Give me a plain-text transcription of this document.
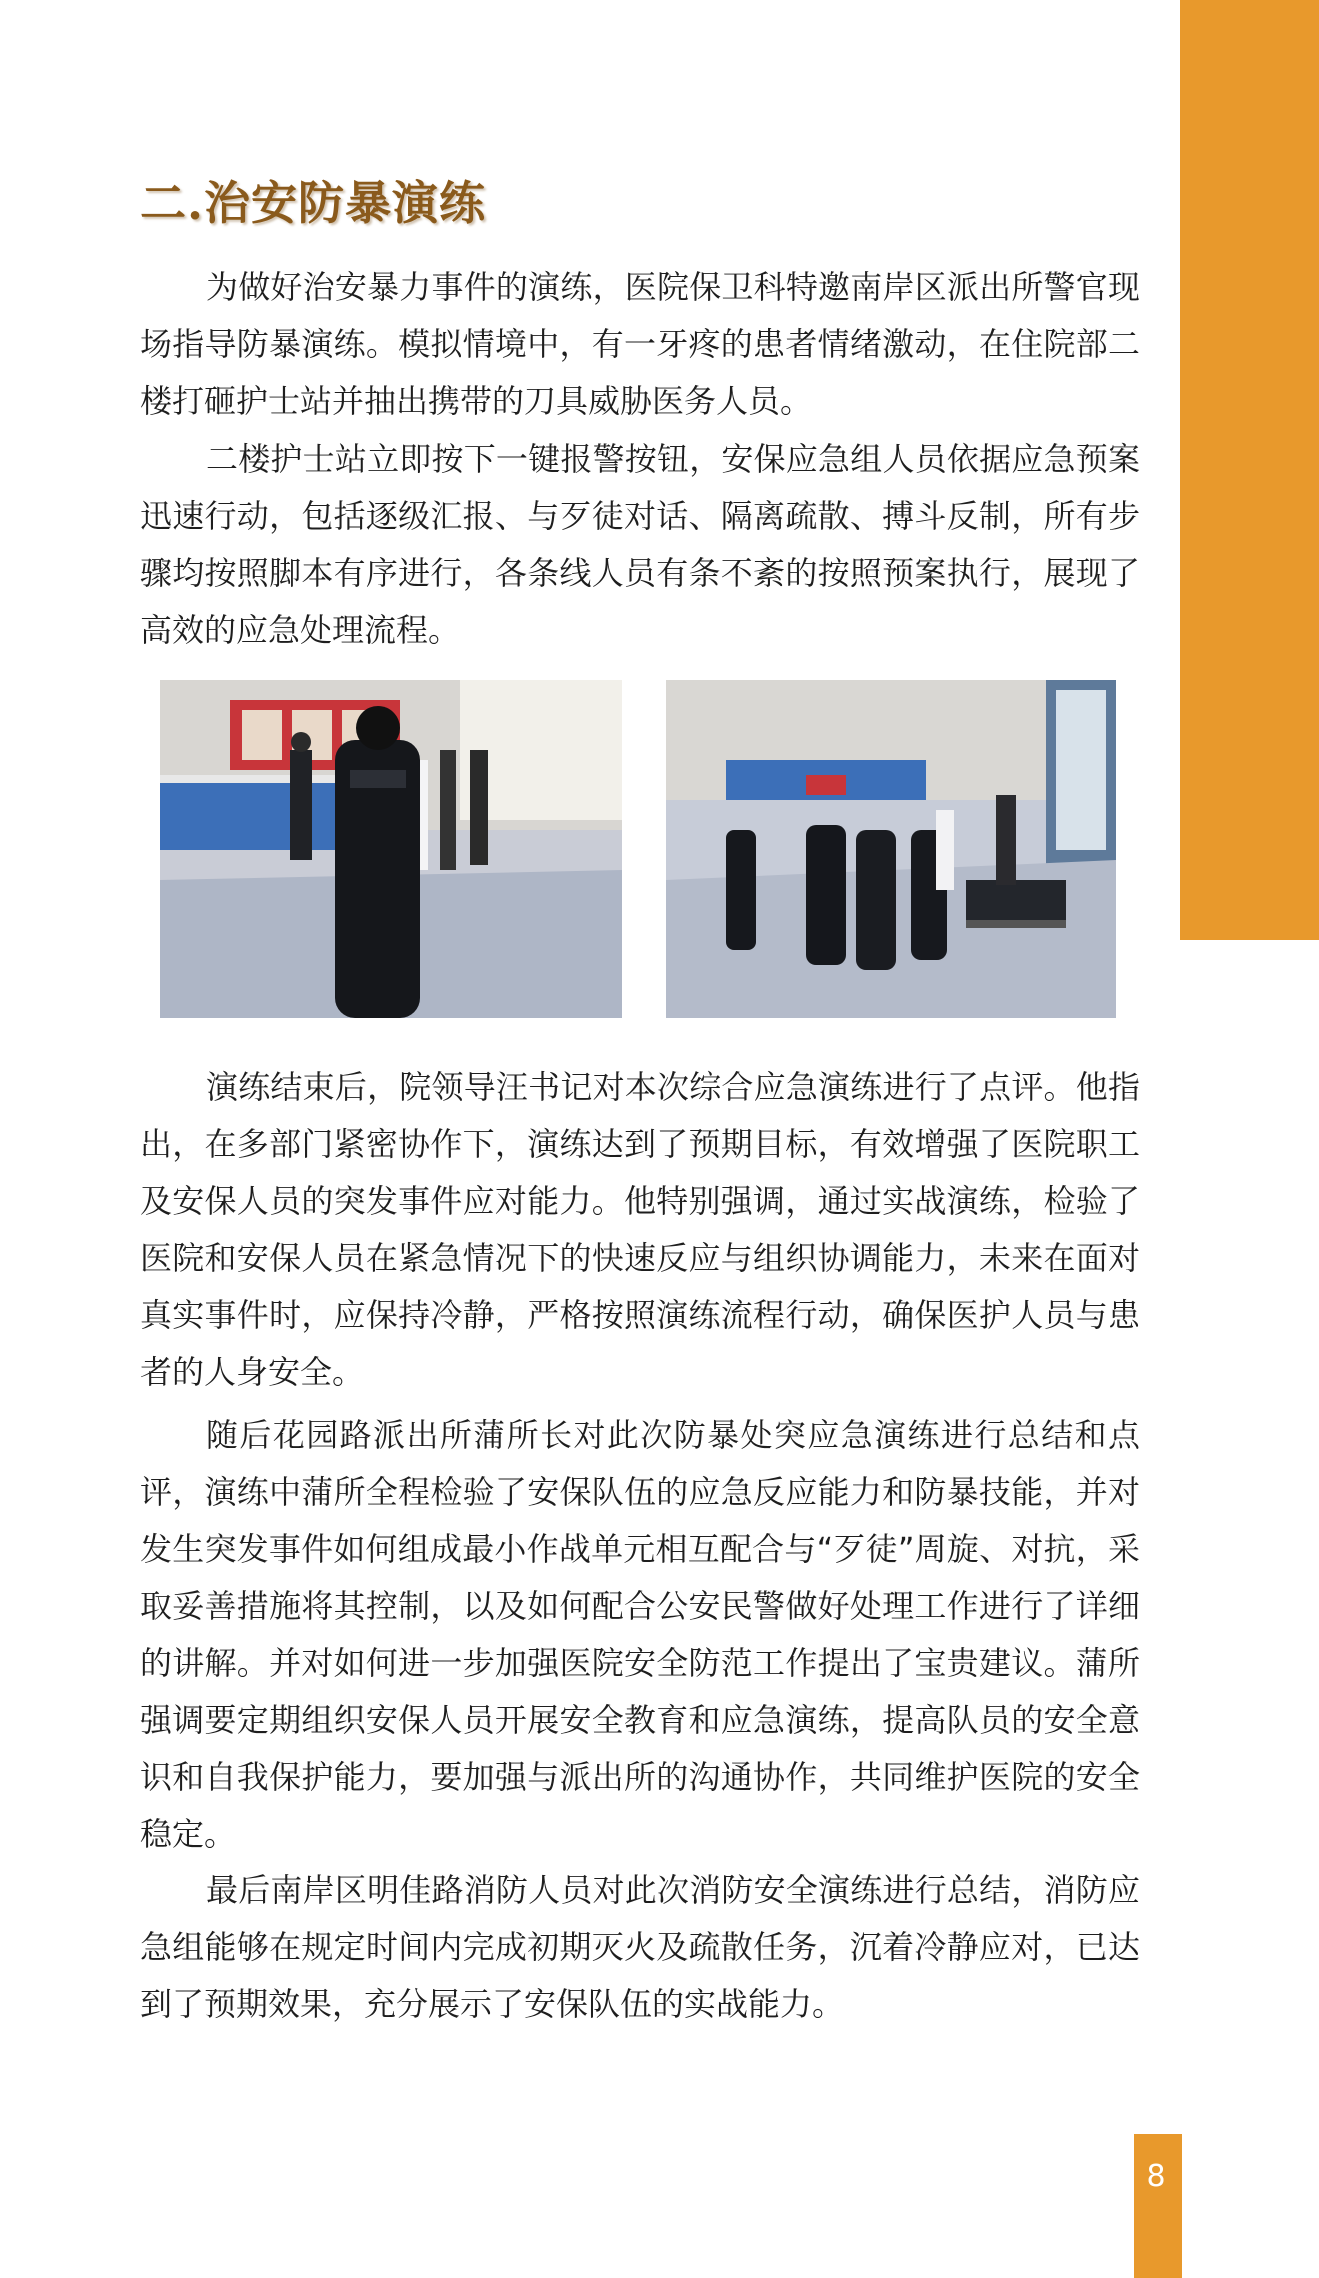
二.治安防暴演练

为做好治安暴力事件的演练，医院保卫科特邀南岸区派出所警官现场指导防暴演练。模拟情境中，有一牙疼的患者情绪激动，在住院部二楼打砸护士站并抽出携带的刀具威胁医务人员。

二楼护士站立即按下一键报警按钮，安保应急组人员依据应急预案迅速行动，包括逐级汇报、与歹徒对话、隔离疏散、搏斗反制，所有步骤均按照脚本有序进行，各条线人员有条不紊的按照预案执行，展现了高效的应急处理流程。

演练结束后，院领导汪书记对本次综合应急演练进行了点评。他指出，在多部门紧密协作下，演练达到了预期目标，有效增强了医院职工及安保人员的突发事件应对能力。他特别强调，通过实战演练，检验了医院和安保人员在紧急情况下的快速反应与组织协调能力，未来在面对真实事件时，应保持冷静，严格按照演练流程行动，确保医护人员与患者的人身安全。

随后花园路派出所蒲所长对此次防暴处突应急演练进行总结和点评，演练中蒲所全程检验了安保队伍的应急反应能力和防暴技能，并对发生突发事件如何组成最小作战单元相互配合与“歹徒”周旋、对抗，采取妥善措施将其控制，以及如何配合公安民警做好处理工作进行了详细的讲解。并对如何进一步加强医院安全防范工作提出了宝贵建议。蒲所强调要定期组织安保人员开展安全教育和应急演练，提高队员的安全意识和自我保护能力，要加强与派出所的沟通协作，共同维护医院的安全稳定。

最后南岸区明佳路消防人员对此次消防安全演练进行总结，消防应急组能够在规定时间内完成初期灭火及疏散任务，沉着冷静应对，已达到了预期效果，充分展示了安保队伍的实战能力。

8
